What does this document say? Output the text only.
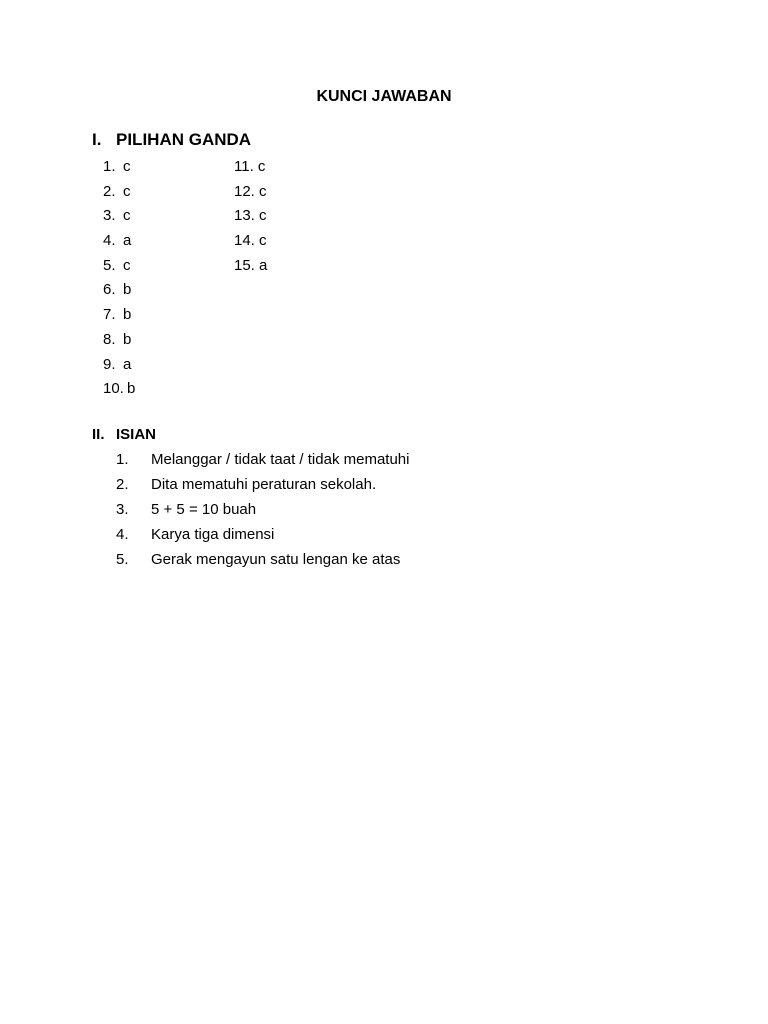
KUNCI JAWABAN
I. PILIHAN GANDA
1. c
2. c
3. c
4. a
5. c
6. b
7. b
8. b
9. a
10. b
11. c
12. c
13. c
14. c
15. a
II. ISIAN
1. Melanggar / tidak taat / tidak mematuhi
2. Dita mematuhi peraturan sekolah.
3. 5 + 5 = 10 buah
4. Karya tiga dimensi
5. Gerak mengayun satu lengan ke atas
